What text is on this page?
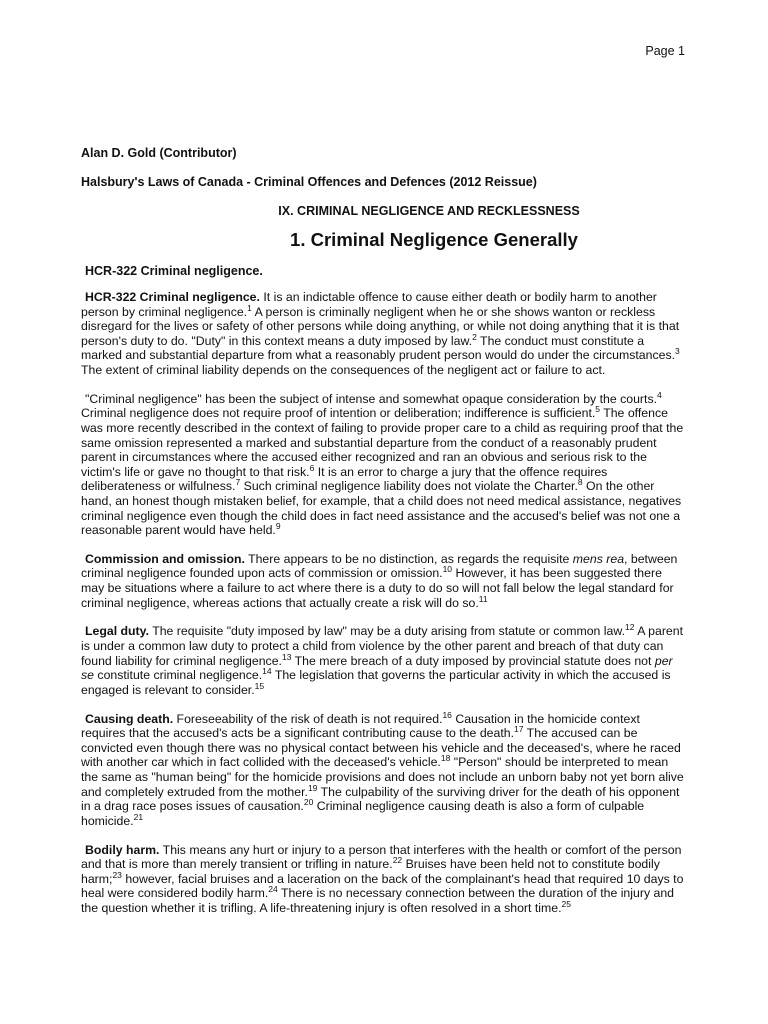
Page 1
Alan D. Gold (Contributor)
Halsbury's Laws of Canada - Criminal Offences and Defences (2012 Reissue)
IX. CRIMINAL NEGLIGENCE AND RECKLESSNESS
1. Criminal Negligence Generally
HCR-322 Criminal negligence.

HCR-322 Criminal negligence. It is an indictable offence to cause either death or bodily harm to another person by criminal negligence.$^1$ A person is criminally negligent when he or she shows wanton or reckless disregard for the lives or safety of other persons while doing anything, or while not doing anything that it is that person's duty to do. "Duty" in this context means a duty imposed by law.$^2$ The conduct must constitute a marked and substantial departure from what a reasonably prudent person would do under the circumstances.$^3$ The extent of criminal liability depends on the consequences of the negligent act or failure to act.

"Criminal negligence" has been the subject of intense and somewhat opaque consideration by the courts.$^4$ Criminal negligence does not require proof of intention or deliberation; indifference is sufficient.$^5$ The offence was more recently described in the context of failing to provide proper care to a child as requiring proof that the same omission represented a marked and substantial departure from the conduct of a reasonably prudent parent in circumstances where the accused either recognized and ran an obvious and serious risk to the victim's life or gave no thought to that risk.$^6$ It is an error to charge a jury that the offence requires deliberateness or wilfulness.$^7$ Such criminal negligence liability does not violate the Charter.$^8$ On the other hand, an honest though mistaken belief, for example, that a child does not need medical assistance, negatives criminal negligence even though the child does in fact need assistance and the accused's belief was not one a reasonable parent would have held.$^9$

Commission and omission. There appears to be no distinction, as regards the requisite mens rea, between criminal negligence founded upon acts of commission or omission.$^{10}$ However, it has been suggested there may be situations where a failure to act where there is a duty to do so will not fall below the legal standard for criminal negligence, whereas actions that actually create a risk will do so.$^{11}$

Legal duty. The requisite "duty imposed by law" may be a duty arising from statute or common law.$^{12}$ A parent is under a common law duty to protect a child from violence by the other parent and breach of that duty can found liability for criminal negligence.$^{13}$ The mere breach of a duty imposed by provincial statute does not per se constitute criminal negligence.$^{14}$ The legislation that governs the particular activity in which the accused is engaged is relevant to consider.$^{15}$

Causing death. Foreseeability of the risk of death is not required.$^{16}$ Causation in the homicide context requires that the accused's acts be a significant contributing cause to the death.$^{17}$ The accused can be convicted even though there was no physical contact between his vehicle and the deceased's, where he raced with another car which in fact collided with the deceased's vehicle.$^{18}$ "Person" should be interpreted to mean the same as "human being" for the homicide provisions and does not include an unborn baby not yet born alive and completely extruded from the mother.$^{19}$ The culpability of the surviving driver for the death of his opponent in a drag race poses issues of causation.$^{20}$ Criminal negligence causing death is also a form of culpable homicide.$^{21}$

Bodily harm. This means any hurt or injury to a person that interferes with the health or comfort of the person and that is more than merely transient or trifling in nature.$^{22}$ Bruises have been held not to constitute bodily harm;$^{23}$ however, facial bruises and a laceration on the back of the complainant's head that required 10 days to heal were considered bodily harm.$^{24}$ There is no necessary connection between the duration of the injury and the question whether it is trifling. A life-threatening injury is often resolved in a short time.$^{25}$
